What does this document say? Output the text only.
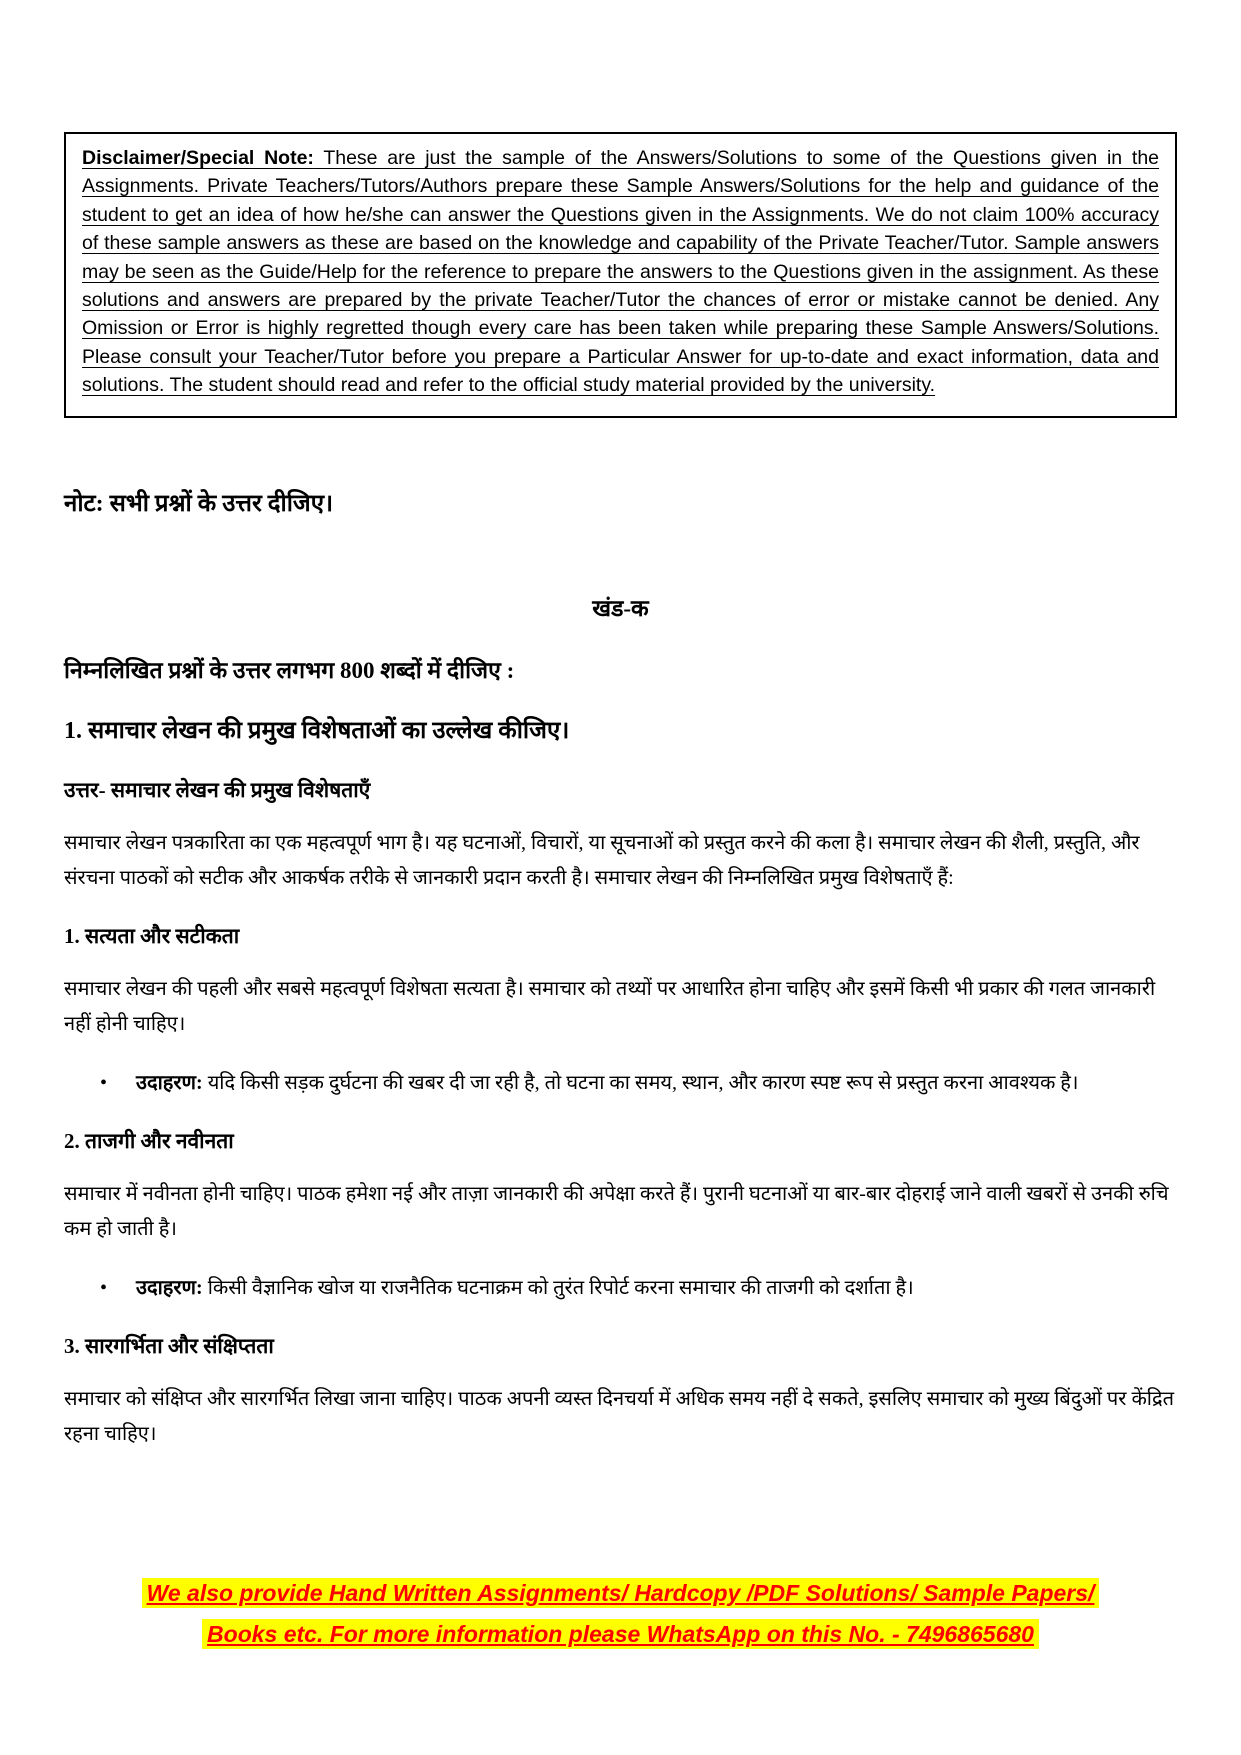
Disclaimer/Special Note: These are just the sample of the Answers/Solutions to some of the Questions given in the Assignments. Private Teachers/Tutors/Authors prepare these Sample Answers/Solutions for the help and guidance of the student to get an idea of how he/she can answer the Questions given in the Assignments. We do not claim 100% accuracy of these sample answers as these are based on the knowledge and capability of the Private Teacher/Tutor. Sample answers may be seen as the Guide/Help for the reference to prepare the answers to the Questions given in the assignment. As these solutions and answers are prepared by the private Teacher/Tutor the chances of error or mistake cannot be denied. Any Omission or Error is highly regretted though every care has been taken while preparing these Sample Answers/Solutions. Please consult your Teacher/Tutor before you prepare a Particular Answer for up-to-date and exact information, data and solutions. The student should read and refer to the official study material provided by the university.

नोट: सभी प्रश्नों के उत्तर दीजिए।

खंड-क

निम्नलिखित प्रश्नों के उत्तर लगभग 800 शब्दों में दीजिए :

1. समाचार लेखन की प्रमुख विशेषताओं का उल्लेख कीजिए।

उत्तर- समाचार लेखन की प्रमुख विशेषताएँ

समाचार लेखन पत्रकारिता का एक महत्वपूर्ण भाग है। यह घटनाओं, विचारों, या सूचनाओं को प्रस्तुत करने की कला है। समाचार लेखन की शैली, प्रस्तुति, और संरचना पाठकों को सटीक और आकर्षक तरीके से जानकारी प्रदान करती है। समाचार लेखन की निम्नलिखित प्रमुख विशेषताएँ हैं:

1. सत्यता और सटीकता

समाचार लेखन की पहली और सबसे महत्वपूर्ण विशेषता सत्यता है। समाचार को तथ्यों पर आधारित होना चाहिए और इसमें किसी भी प्रकार की गलत जानकारी नहीं होनी चाहिए।

•	उदाहरण: यदि किसी सड़क दुर्घटना की खबर दी जा रही है, तो घटना का समय, स्थान, और कारण स्पष्ट रूप से प्रस्तुत करना आवश्यक है।

2. ताजगी और नवीनता

समाचार में नवीनता होनी चाहिए। पाठक हमेशा नई और ताज़ा जानकारी की अपेक्षा करते हैं। पुरानी घटनाओं या बार-बार दोहराई जाने वाली खबरों से उनकी रुचि कम हो जाती है।

•	उदाहरण: किसी वैज्ञानिक खोज या राजनैतिक घटनाक्रम को तुरंत रिपोर्ट करना समाचार की ताजगी को दर्शाता है।

3. सारगर्भिता और संक्षिप्तता

समाचार को संक्षिप्त और सारगर्भित लिखा जाना चाहिए। पाठक अपनी व्यस्त दिनचर्या में अधिक समय नहीं दे सकते, इसलिए समाचार को मुख्य बिंदुओं पर केंद्रित रहना चाहिए।

We also provide Hand Written Assignments/ Hardcopy /PDF Solutions/ Sample Papers/
Books etc. For more information please WhatsApp on this No. - 7496865680
